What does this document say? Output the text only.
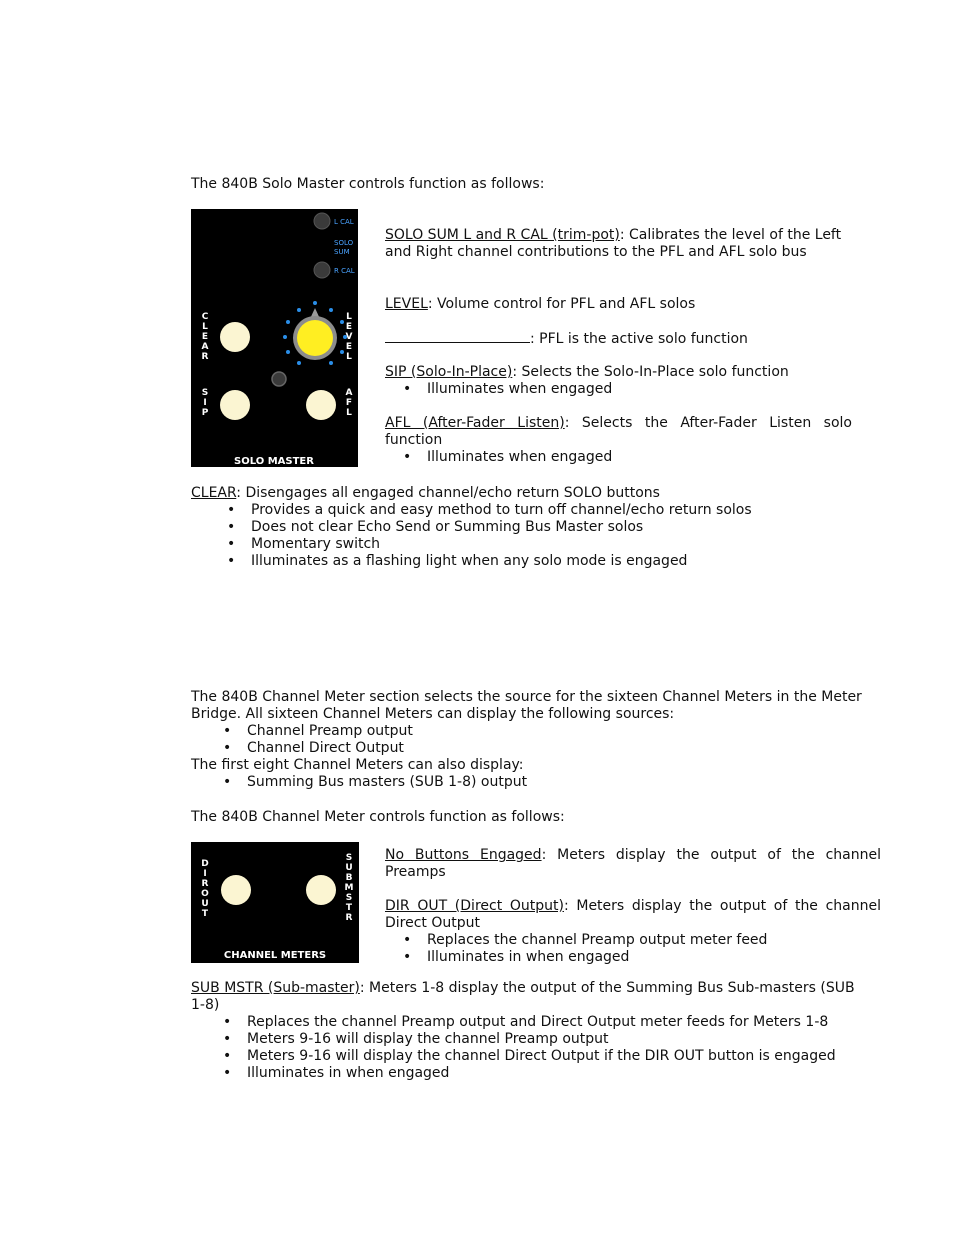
The 840B Solo Master controls function as follows:
L CAL
SOLO
SUM
R CAL
C
L
E
A
R
S
I
P
L
E
V
E
L
A
F
L
SOLO MASTER
SOLO SUM L and R CAL (trim-pot): Calibrates the level of the Left
and Right channel contributions to the PFL and AFL solo bus
LEVEL: Volume control for PFL and AFL solos
: PFL is the active solo function
SIP (Solo-In-Place): Selects the Solo-In-Place solo function
• Illuminates when engaged
AFL (After-Fader Listen): Selects the After-Fader Listen solo
function
• Illuminates when engaged
CLEAR: Disengages all engaged channel/echo return SOLO buttons
• Provides a quick and easy method to turn off channel/echo return solos
• Does not clear Echo Send or Summing Bus Master solos
• Momentary switch
• Illuminates as a flashing light when any solo mode is engaged
The 840B Channel Meter section selects the source for the sixteen Channel Meters in the Meter
Bridge. All sixteen Channel Meters can display the following sources:
• Channel Preamp output
• Channel Direct Output
The first eight Channel Meters can also display:
• Summing Bus masters (SUB 1-8) output
The 840B Channel Meter controls function as follows:
D
I
R
O
U
T
S
U
B
M
S
T
R
CHANNEL METERS
No Buttons Engaged: Meters display the output of the channel
Preamps
DIR OUT (Direct Output): Meters display the output of the channel
Direct Output
• Replaces the channel Preamp output meter feed
• Illuminates in when engaged
SUB MSTR (Sub-master): Meters 1-8 display the output of the Summing Bus Sub-masters (SUB
1-8)
• Replaces the channel Preamp output and Direct Output meter feeds for Meters 1-8
• Meters 9-16 will display the channel Preamp output
• Meters 9-16 will display the channel Direct Output if the DIR OUT button is engaged
• Illuminates in when engaged
